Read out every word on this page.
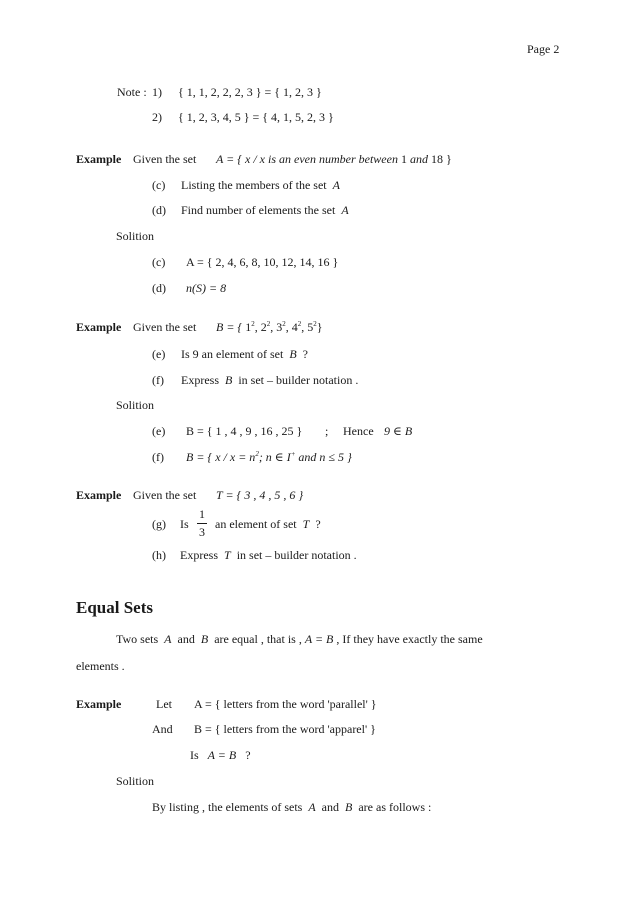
Page 2
Note : 1) { 1, 1, 2, 2, 2, 3 } = { 1, 2, 3 }
2) { 1, 2, 3, 4, 5 } = { 4, 1, 5, 2, 3 }
Example Given the set A = { x / x is an even number between 1 and 18 }
(c) Listing the members of the set A
(d) Find number of elements the set A
Solition
(c) A = { 2, 4, 6, 8, 10, 12, 14, 16 }
(d) n(S) = 8
Example Given the set B = { $1^2$, $2^2$, $3^2$, $4^2$, $5^2$}
(e) Is 9 an element of set B ?
(f) Express B in set – builder notation .
Solition
(e) B = { 1 , 4 , 9 , 16 , 25 } ; Hence 9 ∈ B
(f) B = { $x / x = n^2$; n ∈ I+ and n ≤ 5 }
Example Given the set T = { 3 , 4 , 5 , 6 }
(g) Is
1
3
an element of set T ?
(h) Express T in set – builder notation .
Equal Sets
Two sets A and B are equal , that is , A = B , If they have exactly the same
elements .
Example	Let A = { letters from the word 'parallel' }
And B = { letters from the word 'apparel' }
Is A = B ?
Solition
By listing , the elements of sets A and B are as follows :
